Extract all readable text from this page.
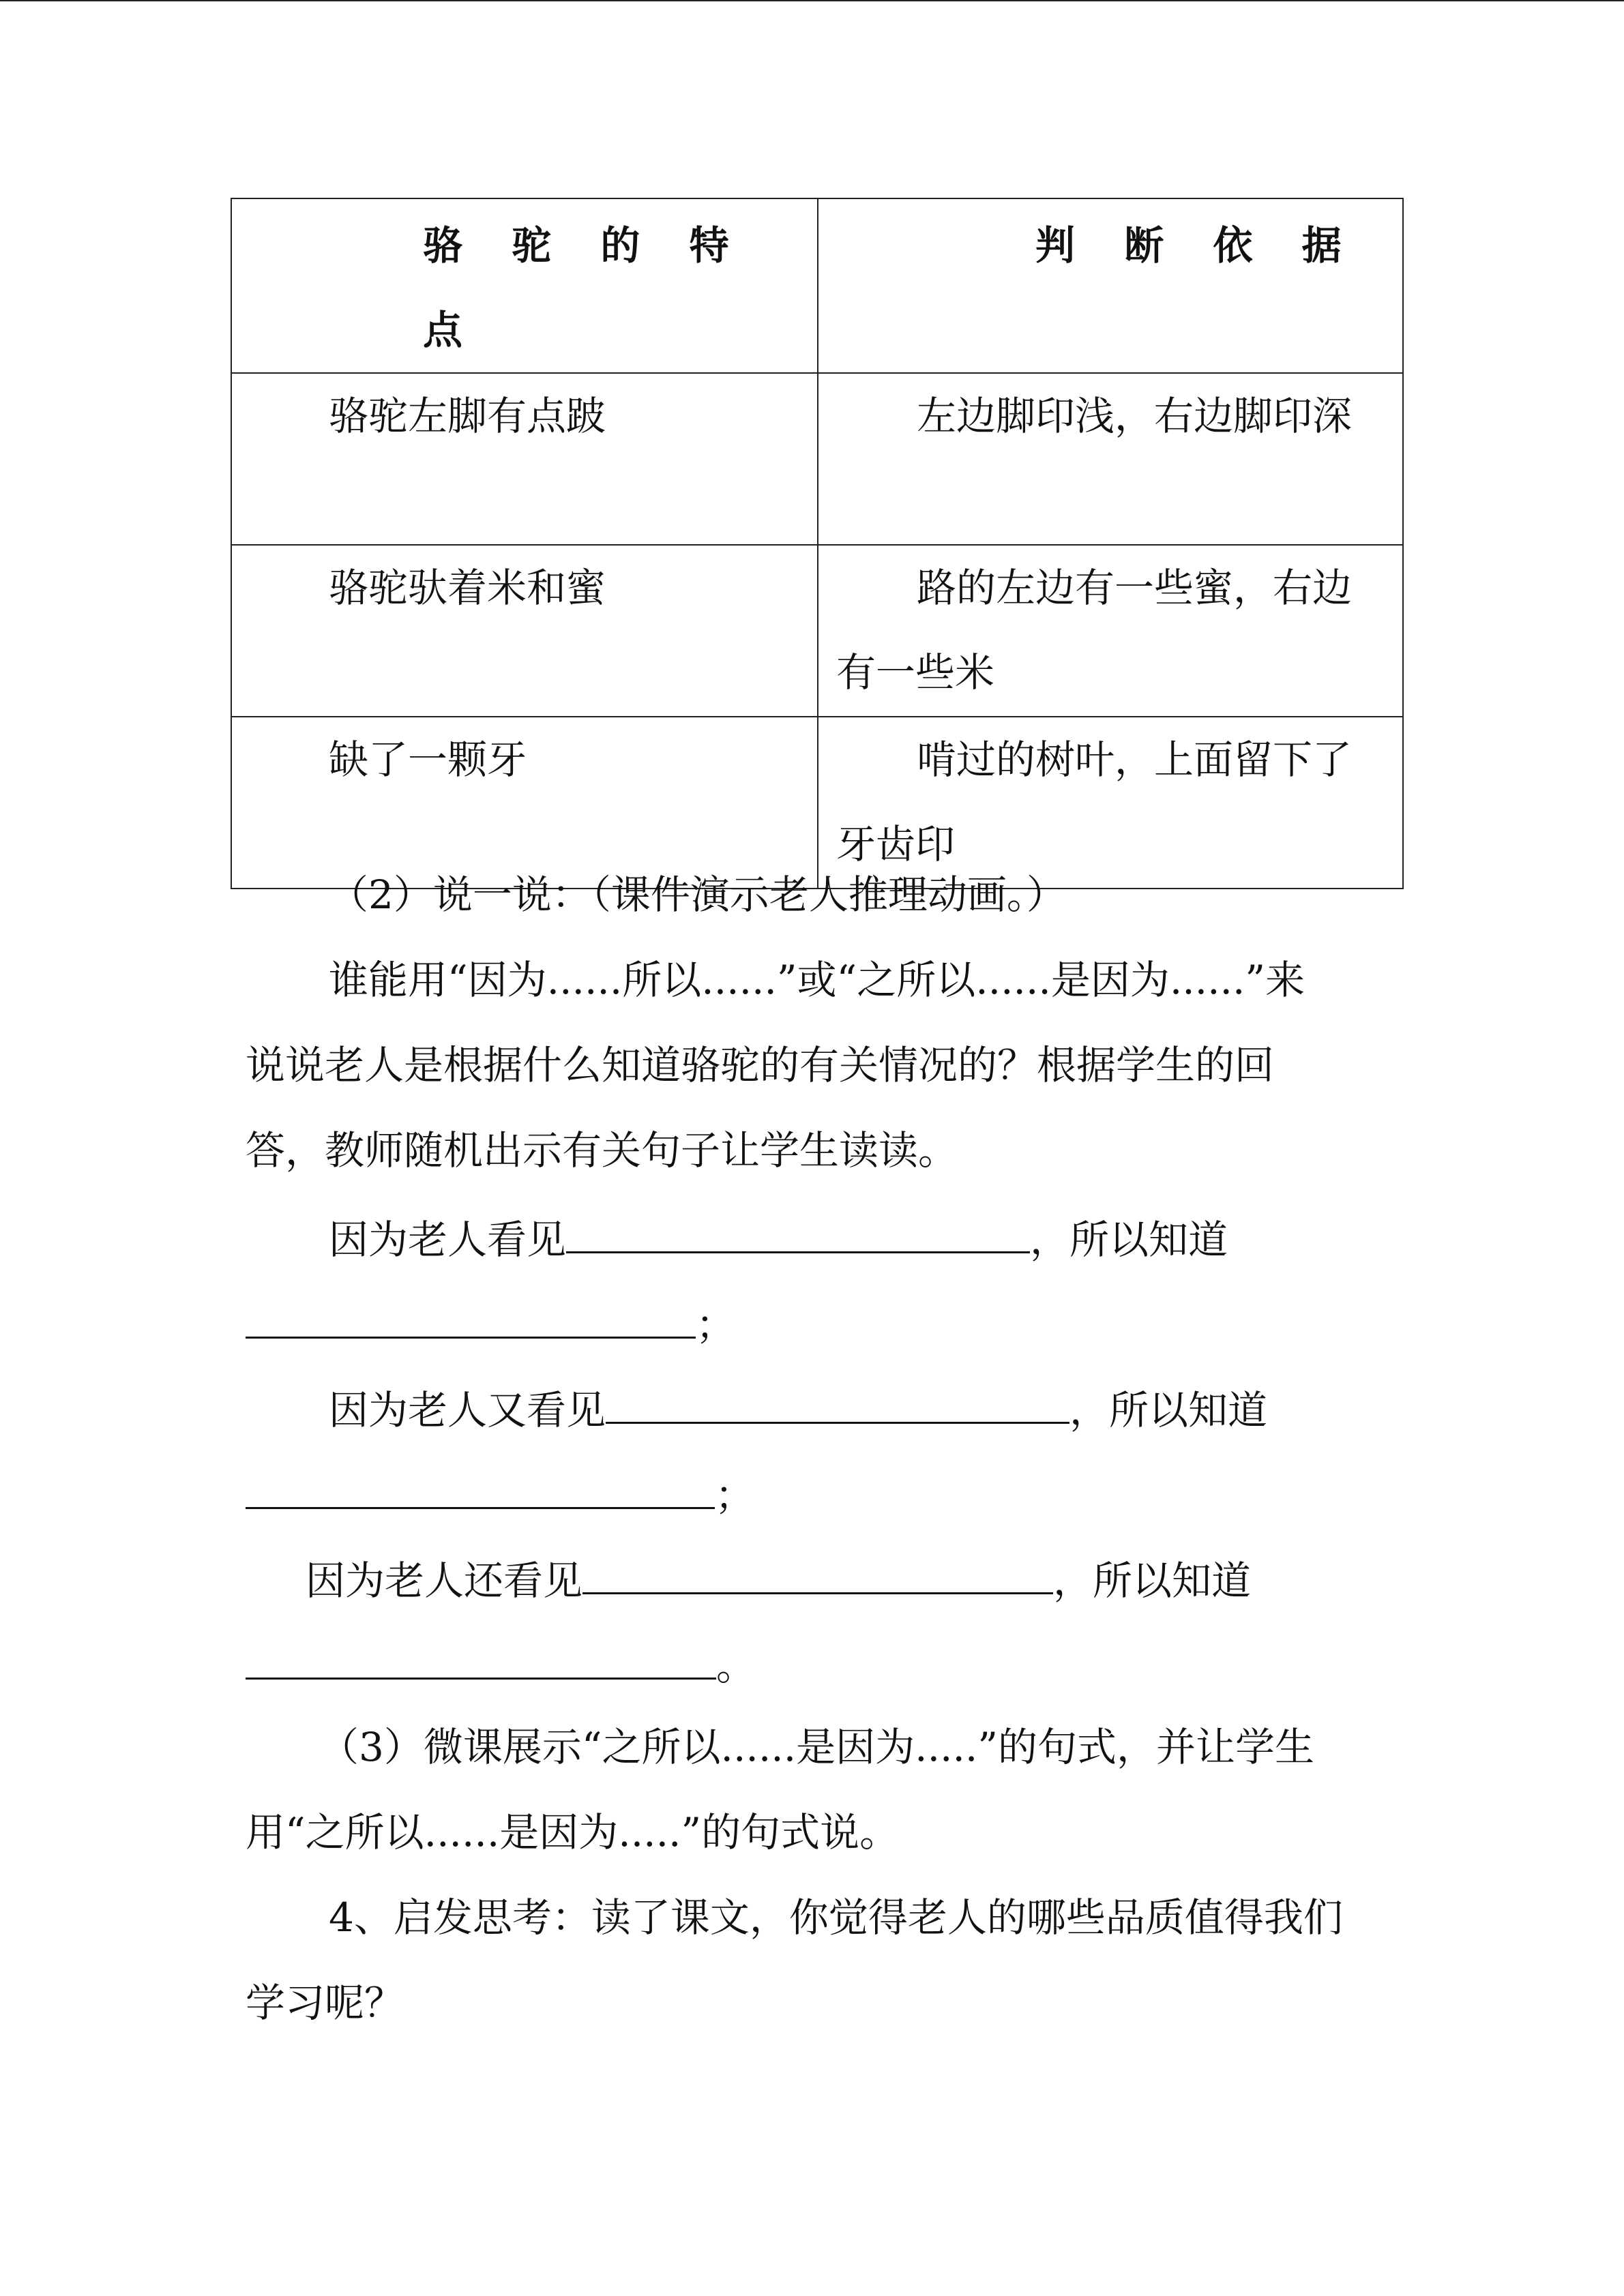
骆 驼 的 特 点	判 断 依 据
骆驼左脚有点跛	左边脚印浅，右边脚印深
骆驼驮着米和蜜	路的左边有一些蜜，右边有一些米
缺了一颗牙	啃过的树叶，上面留下了牙齿印
（2）说一说：（课件演示老人推理动画。）
谁能用“因为......所以......”或“之所以......是因为......”来
说说老人是根据什么知道骆驼的有关情况的？根据学生的回
答，教师随机出示有关句子让学生读读。
因为老人看见	，所以知道
；
因为老人又看见	，所以知道
；
因为老人还看见	，所以知道
。
（3）微课展示“之所以......是因为.....”的句式，并让学生
用“之所以......是因为.....”的句式说。
4、启发思考：读了课文，你觉得老人的哪些品质值得我们
学习呢？
